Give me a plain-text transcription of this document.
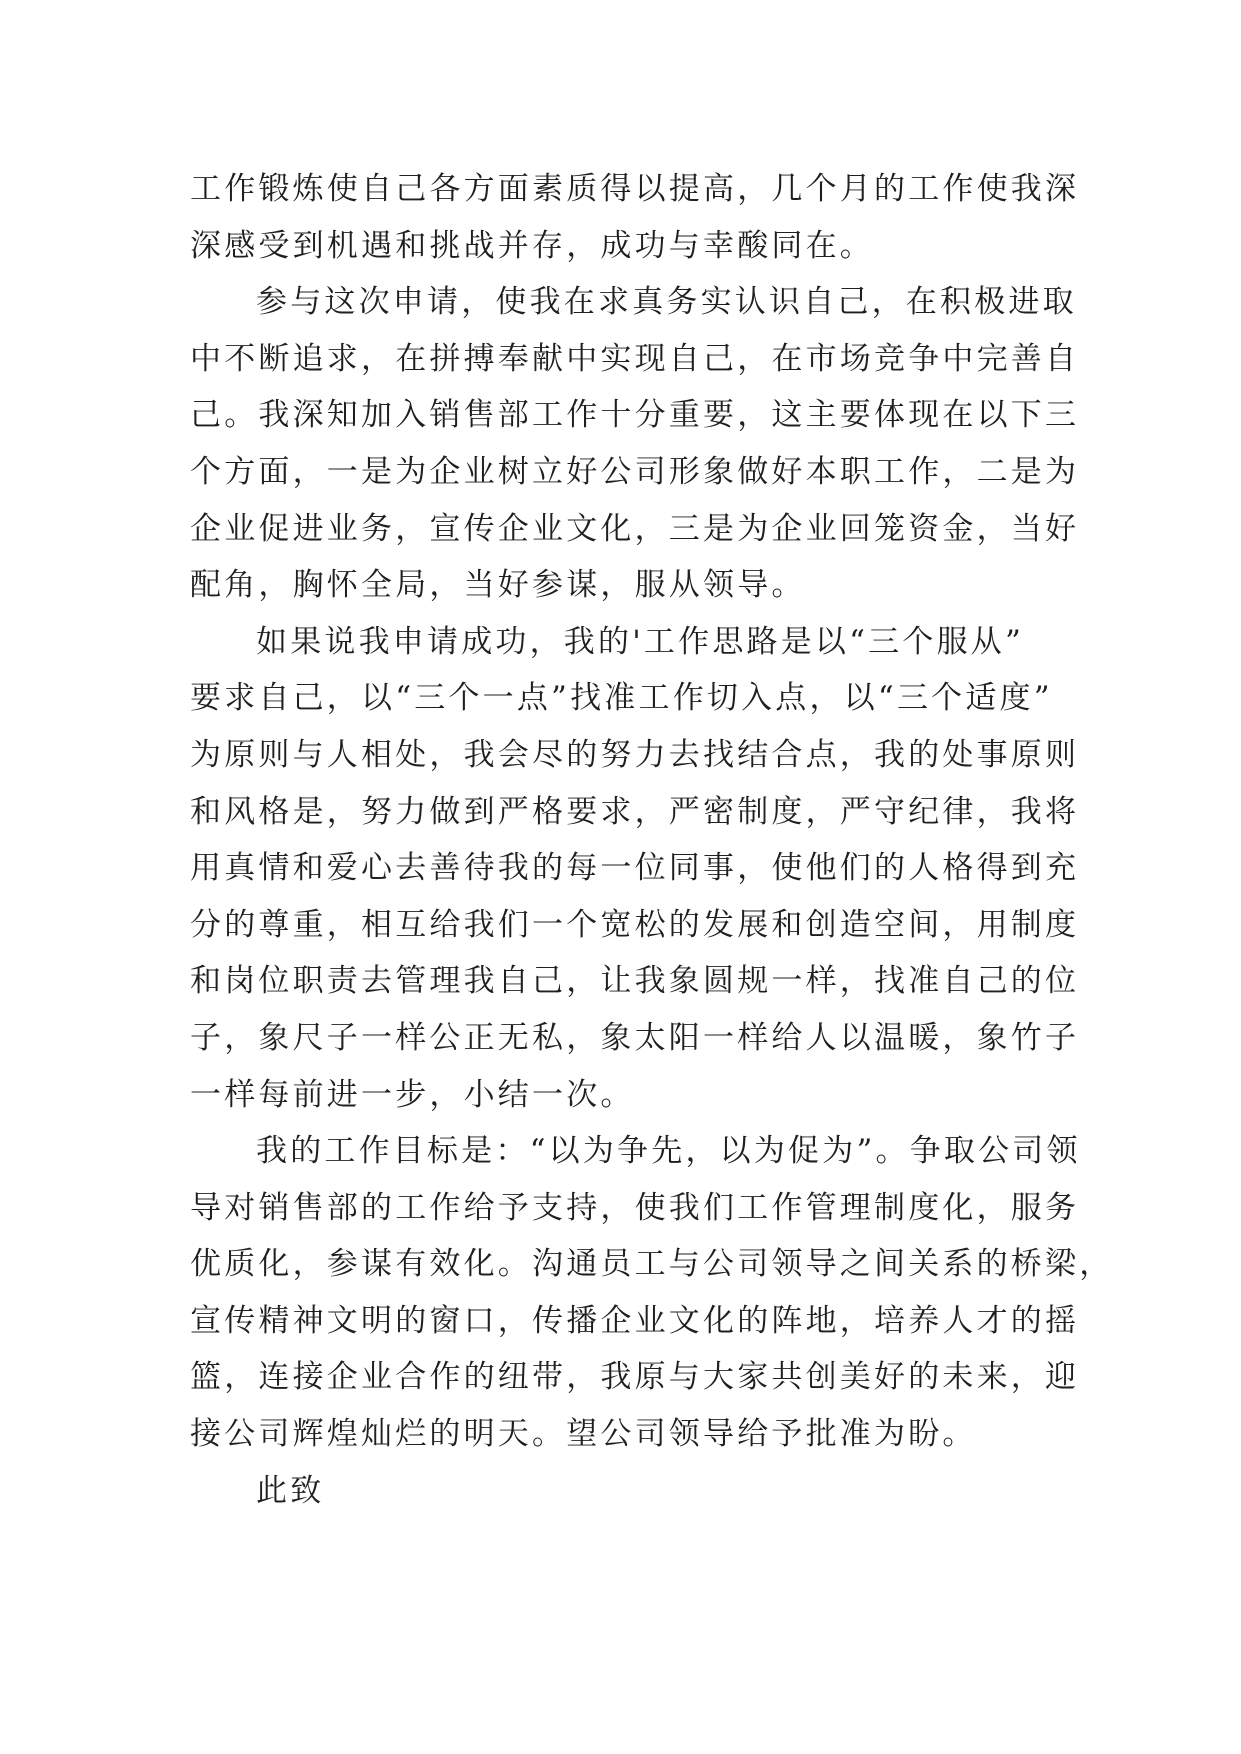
工作锻炼使自己各方面素质得以提高，几个月的工作使我深
深感受到机遇和挑战并存，成功与幸酸同在。
参与这次申请，使我在求真务实认识自己，在积极进取
中不断追求，在拼搏奉献中实现自己，在市场竞争中完善自
己。我深知加入销售部工作十分重要，这主要体现在以下三
个方面，一是为企业树立好公司形象做好本职工作，二是为
企业促进业务，宣传企业文化，三是为企业回笼资金，当好
配角，胸怀全局，当好参谋，服从领导。
如果说我申请成功，我的'工作思路是以“三个服从”
要求自己，以“三个一点”找准工作切入点，以“三个适度”
为原则与人相处，我会尽的努力去找结合点，我的处事原则
和风格是，努力做到严格要求，严密制度，严守纪律，我将
用真情和爱心去善待我的每一位同事，使他们的人格得到充
分的尊重，相互给我们一个宽松的发展和创造空间，用制度
和岗位职责去管理我自己，让我象圆规一样，找准自己的位
子，象尺子一样公正无私，象太阳一样给人以温暖，象竹子
一样每前进一步，小结一次。
我的工作目标是：“以为争先，以为促为”。争取公司领
导对销售部的工作给予支持，使我们工作管理制度化，服务
优质化，参谋有效化。沟通员工与公司领导之间关系的桥梁，
宣传精神文明的窗口，传播企业文化的阵地，培养人才的摇
篮，连接企业合作的纽带，我原与大家共创美好的未来，迎
接公司辉煌灿烂的明天。望公司领导给予批准为盼。
此致
